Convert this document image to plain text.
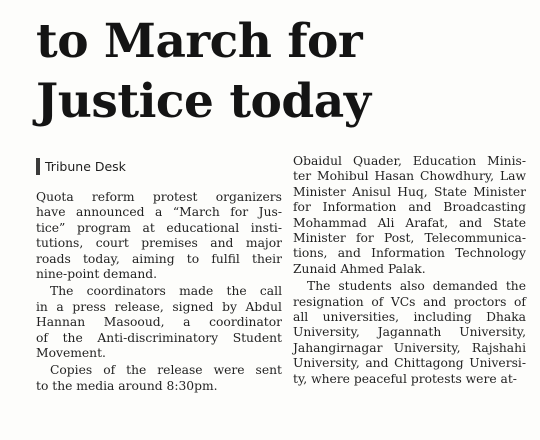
to March for
Justice today
Tribune Desk

Quota reform protest organizers
have announced a “March for Jus-
tice” program at educational insti-
tutions, court premises and major
roads today, aiming to fulfil their
nine-point demand.

The coordinators made the call
in a press release, signed by Abdul
Hannan Masooud, a coordinator
of the Anti-discriminatory Student
Movement.

Copies of the release were sent
to the media around 8:30pm.

Obaidul Quader, Education Minis-
ter Mohibul Hasan Chowdhury, Law
Minister Anisul Huq, State Minister
for Information and Broadcasting
Mohammad Ali Arafat, and State
Minister for Post, Telecommunica-
tions, and Information Technology
Zunaid Ahmed Palak.

The students also demanded the
resignation of VCs and proctors of
all universities, including Dhaka
University, Jagannath University,
Jahangirnagar University, Rajshahi
University, and Chittagong Universi-
ty, where peaceful protests were at-
